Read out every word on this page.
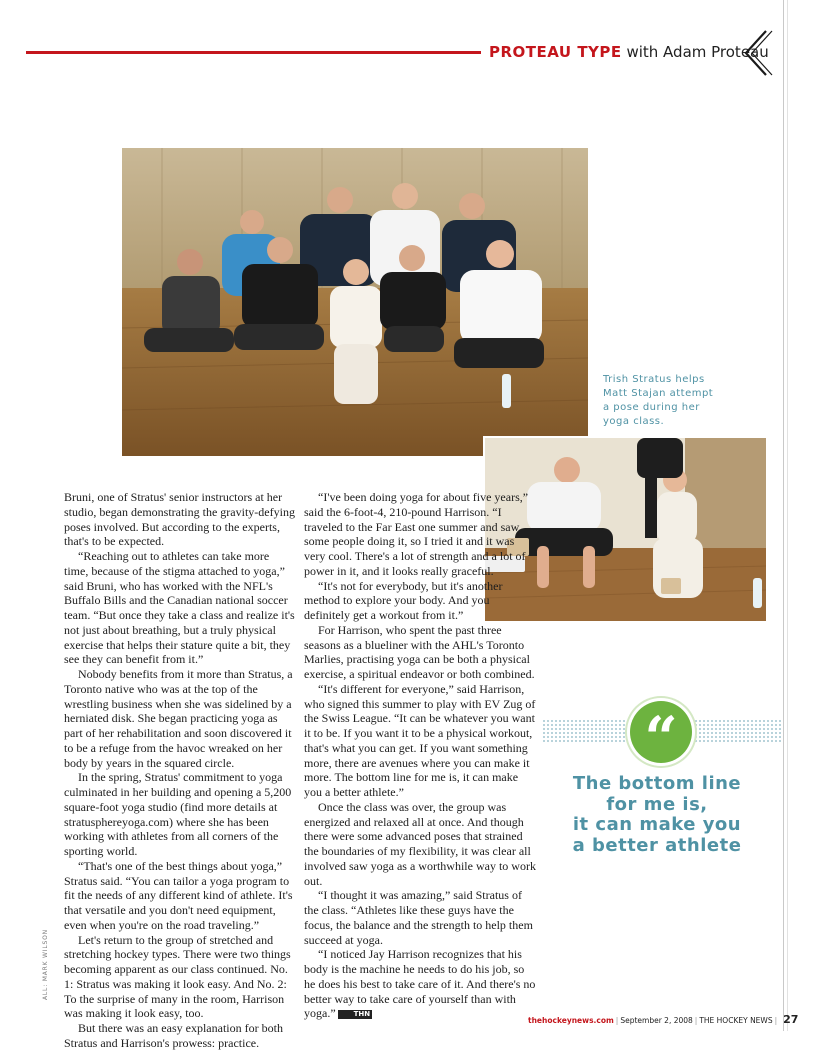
PROTEAU TYPE with Adam Proteau
Trish Stratus helps
Matt Stajan attempt
a pose during her
yoga class.

Bruni, one of Stratus' senior instructors at her studio, began demonstrating the gravity-defying poses involved. But according to the experts, that's to be expected.

“Reaching out to athletes can take more time, because of the stigma attached to yoga,” said Bruni, who has worked with the NFL's Buffalo Bills and the Canadian national soccer team. “But once they take a class and realize it's not just about breathing, but a truly physical exercise that helps their stature quite a bit, they see they can benefit from it.”

Nobody benefits from it more than Stratus, a Toronto native who was at the top of the wrestling business when she was sidelined by a herniated disk. She began practicing yoga as part of her rehabilitation and soon discovered it to be a refuge from the havoc wreaked on her body by years in the squared circle.

In the spring, Stratus' commitment to yoga culminated in her building and opening a 5,200 square-foot yoga studio (find more details at stratusphereyoga.com) where she has been working with athletes from all corners of the sporting world.

“That's one of the best things about yoga,” Stratus said. “You can tailor a yoga program to fit the needs of any different kind of athlete. It's that versatile and you don't need equipment, even when you're on the road traveling.”

Let's return to the group of stretched and stretching hockey types. There were two things becoming apparent as our class continued. No. 1: Stratus was making it look easy. And No. 2: To the surprise of many in the room, Harrison was making it look easy, too.

But there was an easy explanation for both Stratus and Harrison's prowess: practice.

“I've been doing yoga for about five years,” said the 6-foot-4, 210-pound Harrison. “I traveled to the Far East one summer and saw some people doing it, so I tried it and it was very cool. There's a lot of strength and a lot of power in it, and it looks really graceful.

“It's not for everybody, but it's another method to explore your body. And you definitely get a workout from it.”

For Harrison, who spent the past three seasons as a blueliner with the AHL's Toronto Marlies, practising yoga can be both a physical exercise, a spiritual endeavor or both combined.

“It's different for everyone,” said Harrison, who signed this summer to play with EV Zug of the Swiss League. “It can be whatever you want it to be. If you want it to be a physical workout, that's what you can get. If you want something more, there are avenues where you can make it more. The bottom line for me is, it can make you a better athlete.”

Once the class was over, the group was energized and relaxed all at once. And though there were some advanced poses that strained the boundaries of my flexibility, it was clear all involved saw yoga as a worthwhile way to work out.

“I thought it was amazing,” said Stratus of the class. “Athletes like these guys have the focus, the balance and the strength to help them succeed at yoga.

“I noticed Jay Harrison recognizes that his body is the machine he needs to do his job, so he does his best to take care of it. And there's no better way to take care of yourself than with yoga.”	THN

ALL: MARK WILSON
“
The bottom line
for me is,
it can make you
a better athlete
thehockeynews.com | September 2, 2008 | THE HOCKEY NEWS | 27
